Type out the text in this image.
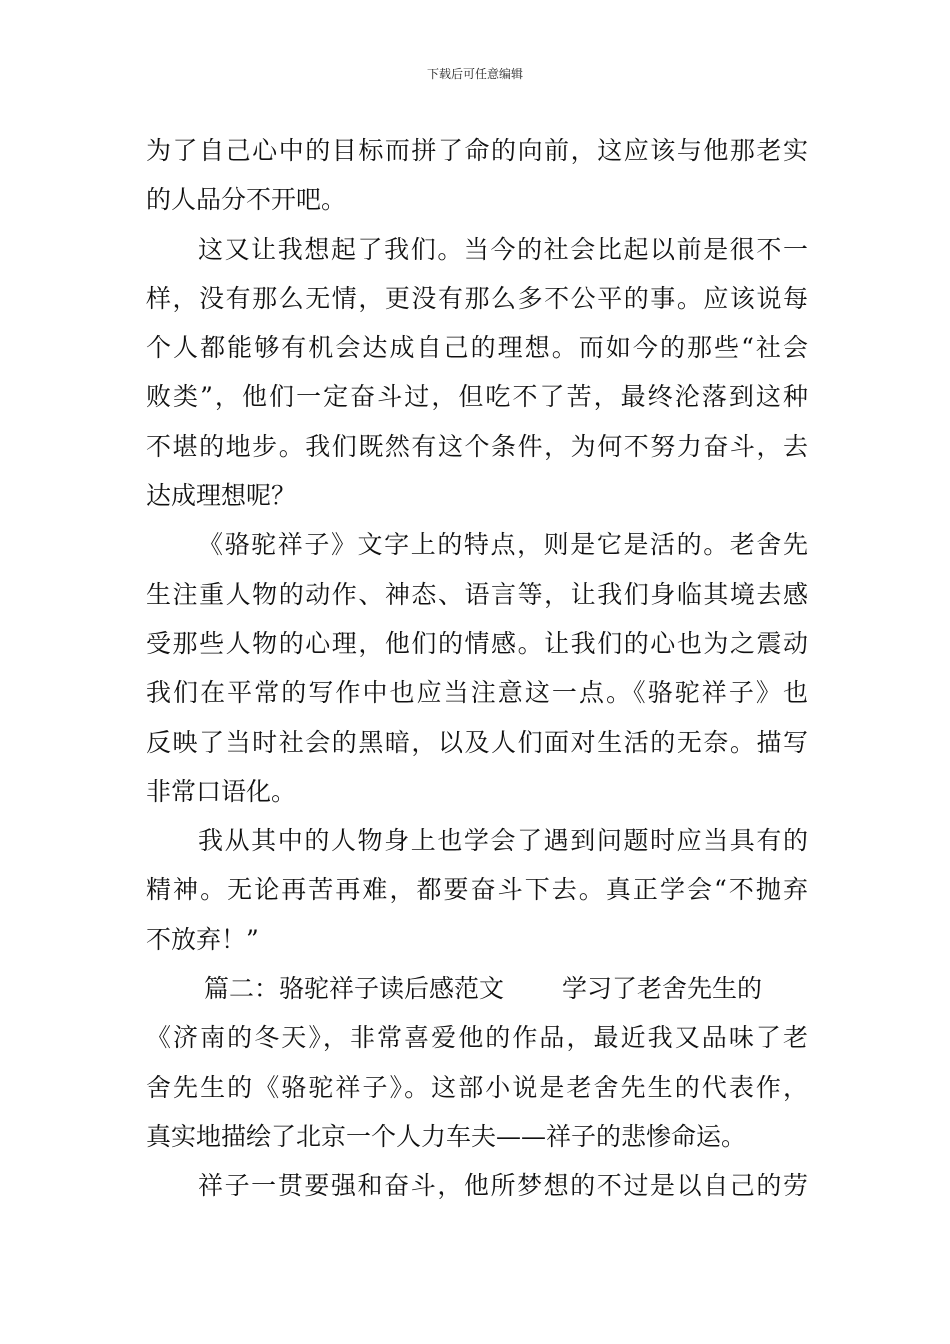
下载后可任意编辑
为了自己心中的目标而拼了命的向前，这应该与他那老实
的人品分不开吧。
这又让我想起了我们。当今的社会比起以前是很不一
样，没有那么无情，更没有那么多不公平的事。应该说每
个人都能够有机会达成自己的理想。而如今的那些“社会
败类”，他们一定奋斗过，但吃不了苦，最终沦落到这种
不堪的地步。我们既然有这个条件，为何不努力奋斗，去
达成理想呢？
《骆驼祥子》文字上的特点，则是它是活的。老舍先
生注重人物的动作、神态、语言等，让我们身临其境去感
受那些人物的心理，他们的情感。让我们的心也为之震动
我们在平常的写作中也应当注意这一点。《骆驼祥子》也
反映了当时社会的黑暗，以及人们面对生活的无奈。描写
非常口语化。
我从其中的人物身上也学会了遇到问题时应当具有的
精神。无论再苦再难，都要奋斗下去。真正学会“不抛弃
不放弃！”
篇二：骆驼祥子读后感范文 学习了老舍先生的
《济南的冬天》，非常喜爱他的作品，最近我又品味了老
舍先生的《骆驼祥子》。这部小说是老舍先生的代表作，
真实地描绘了北京一个人力车夫——祥子的悲惨命运。
祥子一贯要强和奋斗，他所梦想的不过是以自己的劳
